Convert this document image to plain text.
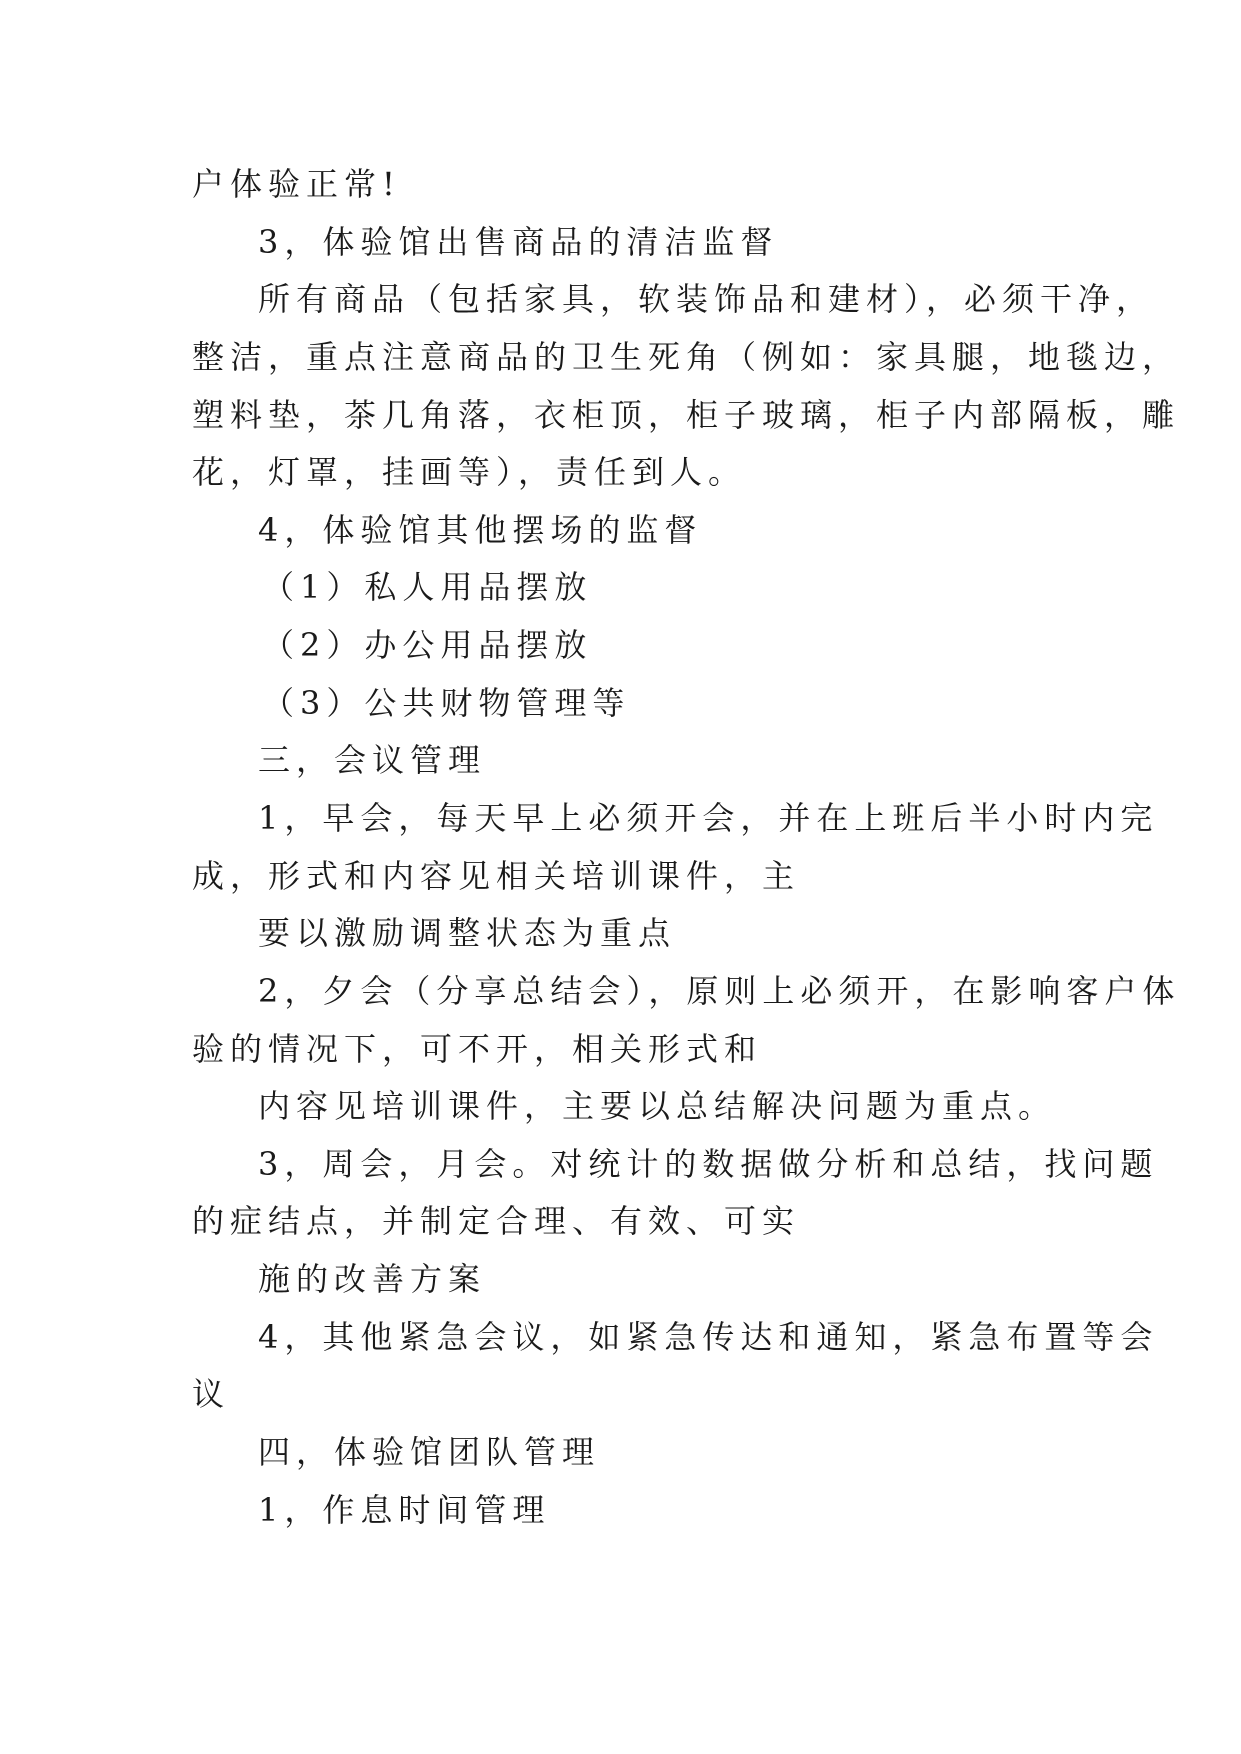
户体验正常!
3，体验馆出售商品的清洁监督
所有商品（包括家具，软装饰品和建材），必须干净，
整洁，重点注意商品的卫生死角（例如：家具腿，地毯边，
塑料垫，茶几角落，衣柜顶，柜子玻璃，柜子内部隔板，雕
花，灯罩，挂画等），责任到人。
4，体验馆其他摆场的监督
（1）私人用品摆放
（2）办公用品摆放
（3）公共财物管理等
三，会议管理
1，早会，每天早上必须开会，并在上班后半小时内完
成，形式和内容见相关培训课件，主
要以激励调整状态为重点
2，夕会（分享总结会），原则上必须开，在影响客户体
验的情况下，可不开，相关形式和
内容见培训课件，主要以总结解决问题为重点。
3，周会，月会。对统计的数据做分析和总结，找问题
的症结点，并制定合理、有效、可实
施的改善方案
4，其他紧急会议，如紧急传达和通知，紧急布置等会
议
四，体验馆团队管理
1，作息时间管理
